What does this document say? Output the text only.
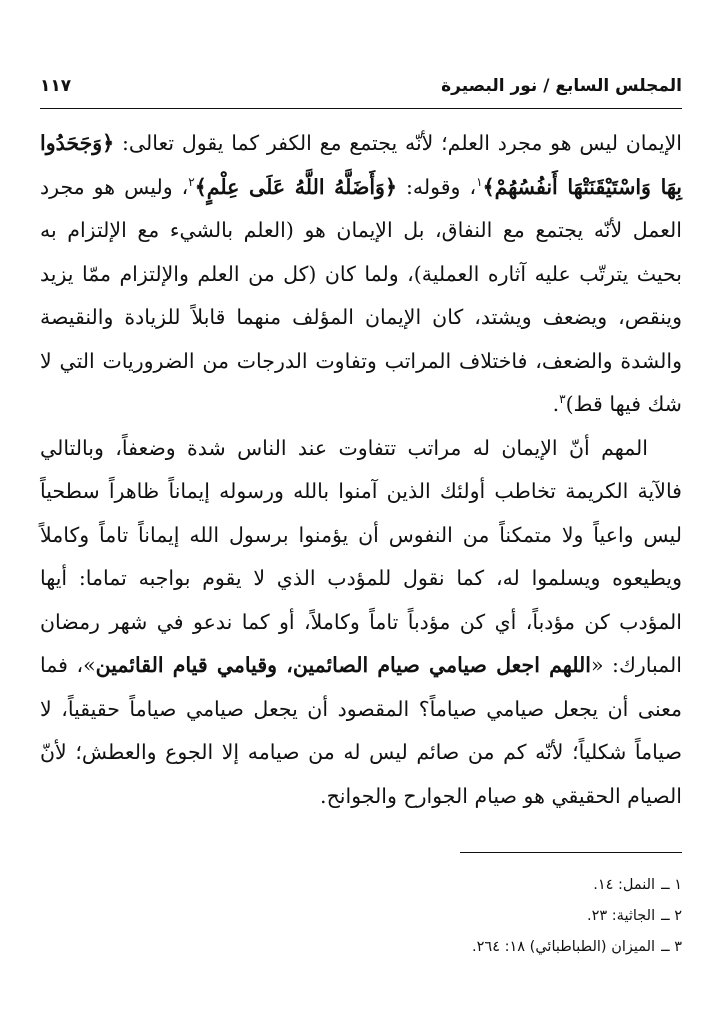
المجلس السابع / نور البصيرة
١١٧

الإيمان ليس هو مجرد العلم؛ لأنّه يجتمع مع الكفر كما يقول تعالى: ﴿وَجَحَدُوا بِهَا وَاسْتَيْقَنَتْهَا أَنفُسُهُمْ﴾$^١$، وقوله: ﴿وَأَضَلَّهُ اللَّهُ عَلَى عِلْمٍ﴾$^٢$، وليس هو مجرد العمل لأنّه يجتمع مع النفاق، بل الإيمان هو (العلم بالشيء مع الإلتزام به بحيث يترتّب عليه آثاره العملية)، ولما كان (كل من العلم والإلتزام ممّا يزيد وينقص، ويضعف ويشتد، كان الإيمان المؤلف منهما قابلاً للزيادة والنقيصة والشدة والضعف، فاختلاف المراتب وتفاوت الدرجات من الضروريات التي لا شك فيها قط)$^٣$.

المهم أنّ الإيمان له مراتب تتفاوت عند الناس شدة وضعفاً، وبالتالي فالآية الكريمة تخاطب أولئك الذين آمنوا بالله ورسوله إيماناً ظاهراً سطحياً ليس واعياً ولا متمكناً من النفوس أن يؤمنوا برسول الله إيماناً تاماً وكاملاً ويطيعوه ويسلموا له، كما نقول للمؤدب الذي لا يقوم بواجبه تماما: أيها المؤدب كن مؤدباً، أي كن مؤدباً تاماً وكاملاً، أو كما ندعو في شهر رمضان المبارك: «اللهم اجعل صيامي صيام الصائمين، وقيامي قيام القائمين»، فما معنى أن يجعل صيامي صياماً؟ المقصود أن يجعل صيامي صياماً حقيقياً، لا صياماً شكلياً؛ لأنّه كم من صائم ليس له من صيامه إلا الجوع والعطش؛ لأنّ الصيام الحقيقي هو صيام الجوارح والجوانح.

١ ــ
النمل: ١٤.
٢ ــ
الجاثية: ٢٣.
٣ ــ
الميزان (الطباطبائي) ١٨: ٢٦٤.
